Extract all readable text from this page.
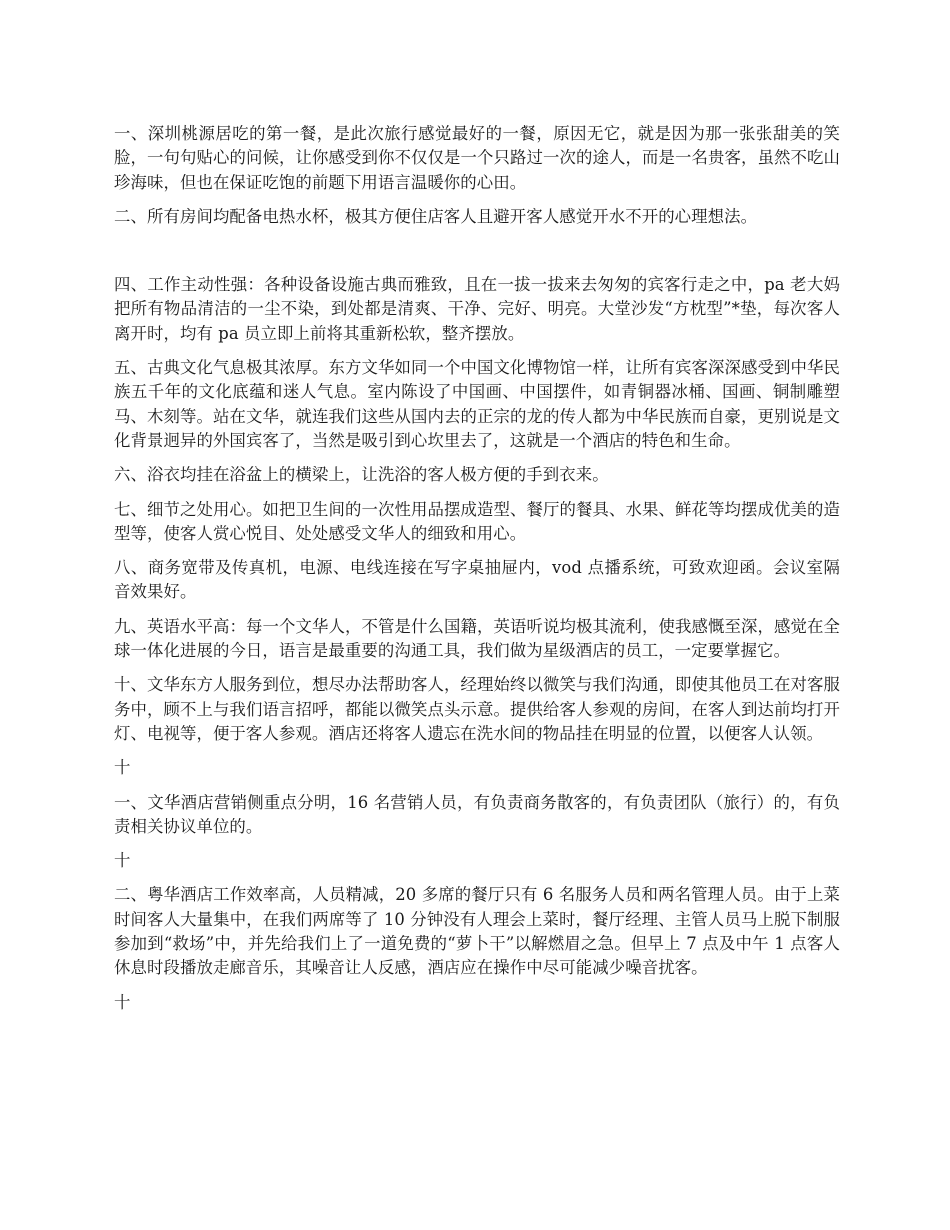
一、深圳桃源居吃的第一餐，是此次旅行感觉最好的一餐，原因无它，就是因为那一张张甜美的笑脸，一句句贴心的问候，让你感受到你不仅仅是一个只路过一次的途人，而是一名贵客，虽然不吃山珍海味，但也在保证吃饱的前题下用语言温暖你的心田。

二、所有房间均配备电热水杯，极其方便住店客人且避开客人感觉开水不开的心理想法。

四、工作主动性强：各种设备设施古典而雅致，且在一拔一拔来去匆匆的宾客行走之中，pa 老大妈把所有物品清洁的一尘不染，到处都是清爽、干净、完好、明亮。大堂沙发“方枕型”*垫，每次客人离开时，均有 pa 员立即上前将其重新松软，整齐摆放。

五、古典文化气息极其浓厚。东方文华如同一个中国文化博物馆一样，让所有宾客深深感受到中华民族五千年的文化底蕴和迷人气息。室内陈设了中国画、中国摆件，如青铜器冰桶、国画、铜制雕塑马、木刻等。站在文华，就连我们这些从国内去的正宗的龙的传人都为中华民族而自豪，更别说是文化背景迥异的外国宾客了，当然是吸引到心坎里去了，这就是一个酒店的特色和生命。

六、浴衣均挂在浴盆上的横梁上，让洗浴的客人极方便的手到衣来。

七、细节之处用心。如把卫生间的一次性用品摆成造型、餐厅的餐具、水果、鲜花等均摆成优美的造型等，使客人赏心悦目、处处感受文华人的细致和用心。

八、商务宽带及传真机，电源、电线连接在写字桌抽屉内，vod 点播系统，可致欢迎函。会议室隔音效果好。

九、英语水平高：每一个文华人，不管是什么国籍，英语听说均极其流利，使我感慨至深，感觉在全球一体化进展的今日，语言是最重要的沟通工具，我们做为星级酒店的员工，一定要掌握它。

十、文华东方人服务到位，想尽办法帮助客人，经理始终以微笑与我们沟通，即使其他员工在对客服务中，顾不上与我们语言招呼，都能以微笑点头示意。提供给客人参观的房间，在客人到达前均打开灯、电视等，便于客人参观。酒店还将客人遗忘在洗水间的物品挂在明显的位置，以便客人认领。

十

一、文华酒店营销侧重点分明，16 名营销人员，有负责商务散客的，有负责团队（旅行）的，有负责相关协议单位的。

十

二、粤华酒店工作效率高，人员精减，20 多席的餐厅只有 6 名服务人员和两名管理人员。由于上菜时间客人大量集中，在我们两席等了 10 分钟没有人理会上菜时，餐厅经理、主管人员马上脱下制服参加到“救场”中，并先给我们上了一道免费的“萝卜干”以解燃眉之急。但早上 7 点及中午 1 点客人休息时段播放走廊音乐，其噪音让人反感，酒店应在操作中尽可能减少噪音扰客。

十
